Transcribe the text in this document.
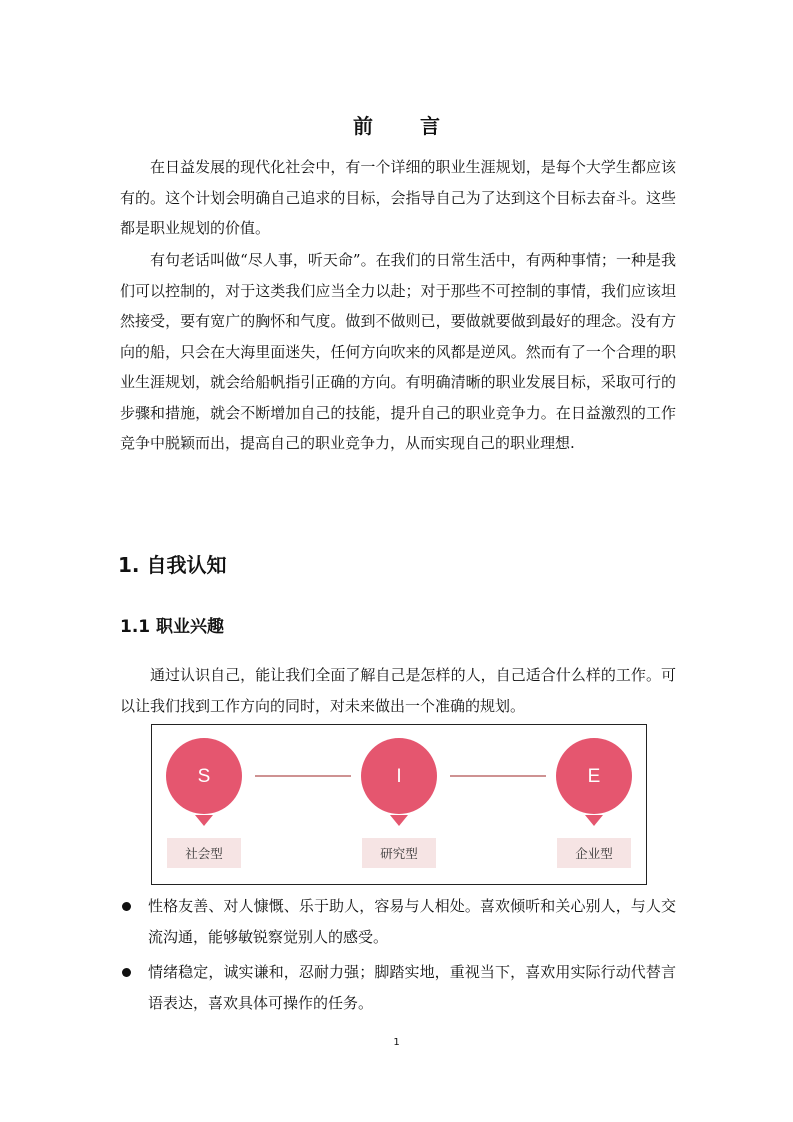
前 言

在日益发展的现代化社会中，有一个详细的职业生涯规划，是每个大学生都应该有的。这个计划会明确自己追求的目标，会指导自己为了达到这个目标去奋斗。这些都是职业规划的价值。

有句老话叫做“尽人事，听天命”。在我们的日常生活中，有两种事情；一种是我们可以控制的，对于这类我们应当全力以赴；对于那些不可控制的事情，我们应该坦然接受，要有宽广的胸怀和气度。做到不做则已，要做就要做到最好的理念。没有方向的船，只会在大海里面迷失，任何方向吹来的风都是逆风。然而有了一个合理的职业生涯规划，就会给船帆指引正确的方向。有明确清晰的职业发展目标，采取可行的步骤和措施，就会不断增加自己的技能，提升自己的职业竞争力。在日益激烈的工作竞争中脱颖而出，提高自己的职业竞争力，从而实现自己的职业理想.

1. 自我认知
1.1 职业兴趣

通过认识自己，能让我们全面了解自己是怎样的人，自己适合什么样的工作。可以让我们找到工作方向的同时，对未来做出一个准确的规划。

S
社会型
I
研究型
E
企业型
性格友善、对人慷慨、乐于助人，容易与人相处。喜欢倾听和关心别人，与人交流沟通，能够敏锐察觉别人的感受。
情绪稳定，诚实谦和，忍耐力强；脚踏实地，重视当下，喜欢用实际行动代替言语表达，喜欢具体可操作的任务。
1
